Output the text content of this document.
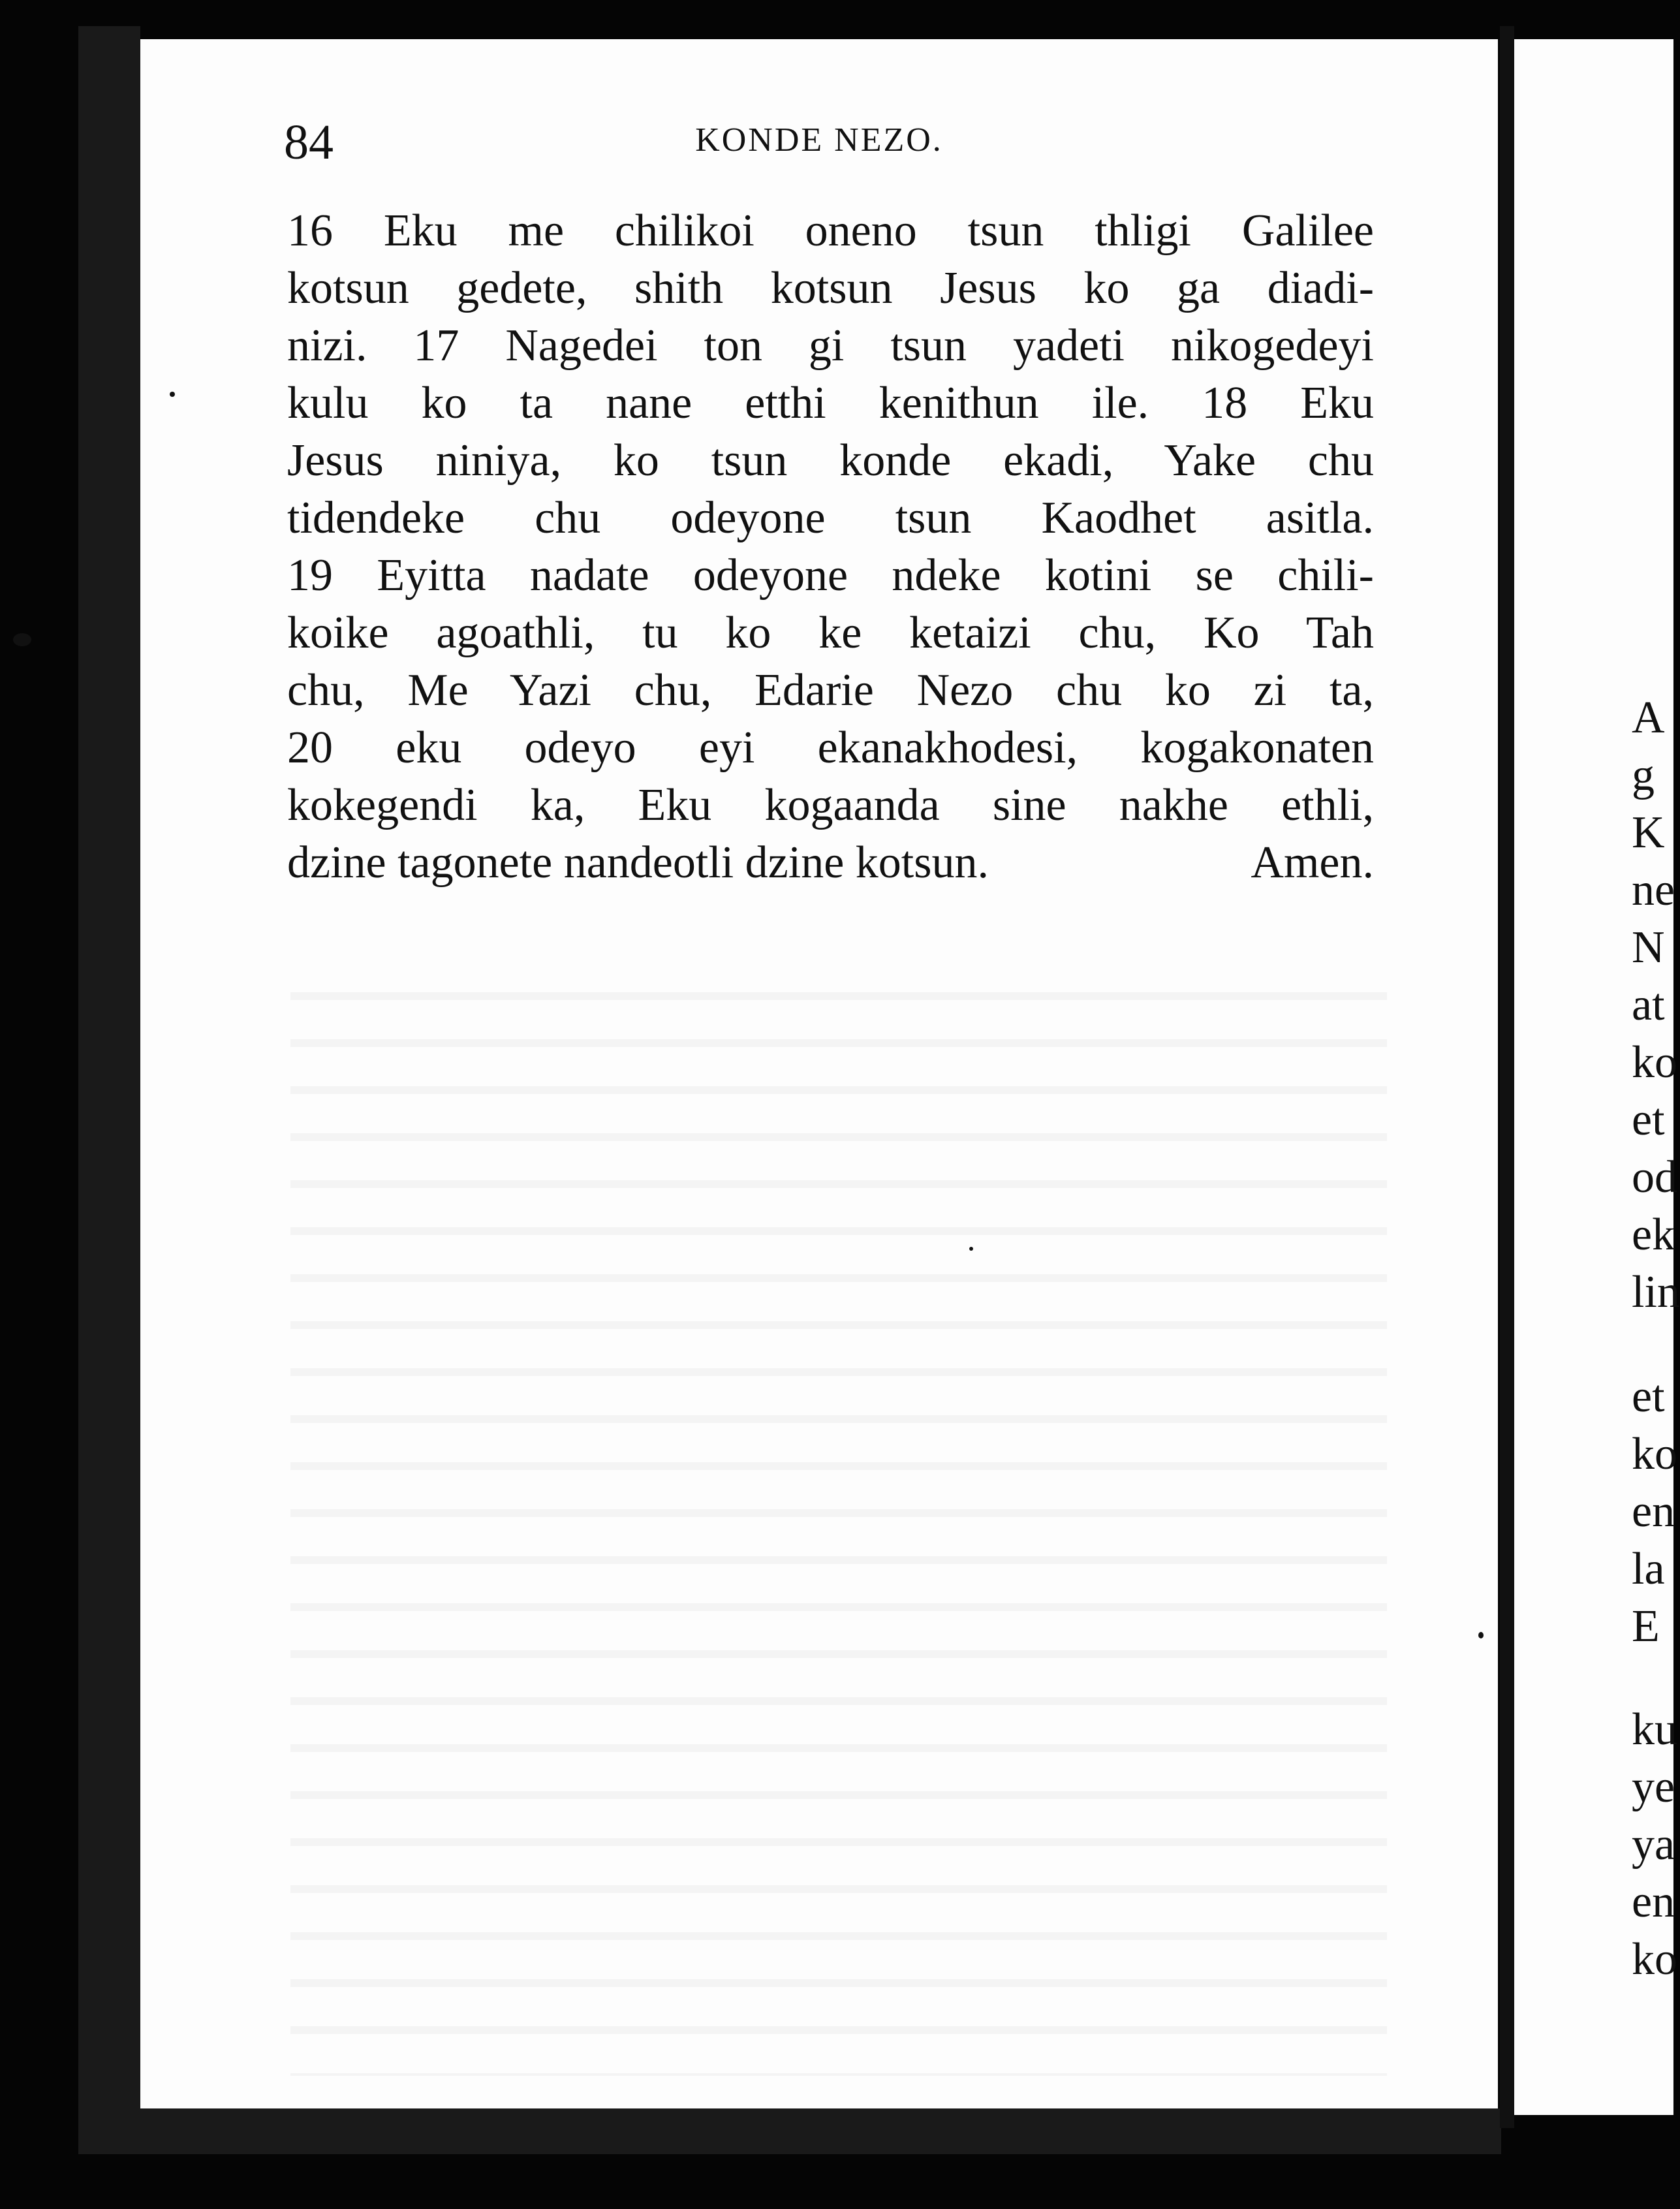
84	KONDE NEZO.
16 Eku me chilikoi oneno tsun thligi Galilee
kotsun gedete, shith kotsun Jesus ko ga diadi-
nizi. 17 Nagedei ton gi tsun yadeti nikogedeyi
kulu ko ta nane etthi kenithun ile. 18 Eku
Jesus niniya, ko tsun konde ekadi, Yake chu
tidendeke chu odeyone tsun Kaodhet asitla.
19 Eyitta nadate odeyone ndeke kotini se chili-
koike agoathli, tu ko ke ketaizi chu, Ko Tah
chu, Me Yazi chu, Edarie Nezo chu ko zi ta,
20 eku odeyo eyi ekanakhodesi, kogakonaten
kokegendi ka, Eku kogaanda sine nakhe ethli,
dzine tagonete nandeotli dzine kotsun.	Amen.
A
g
K
ne
N
at
ko
et
od
ek
lin
et
ko
en
la
E
ku
ye
ya
en
ko
